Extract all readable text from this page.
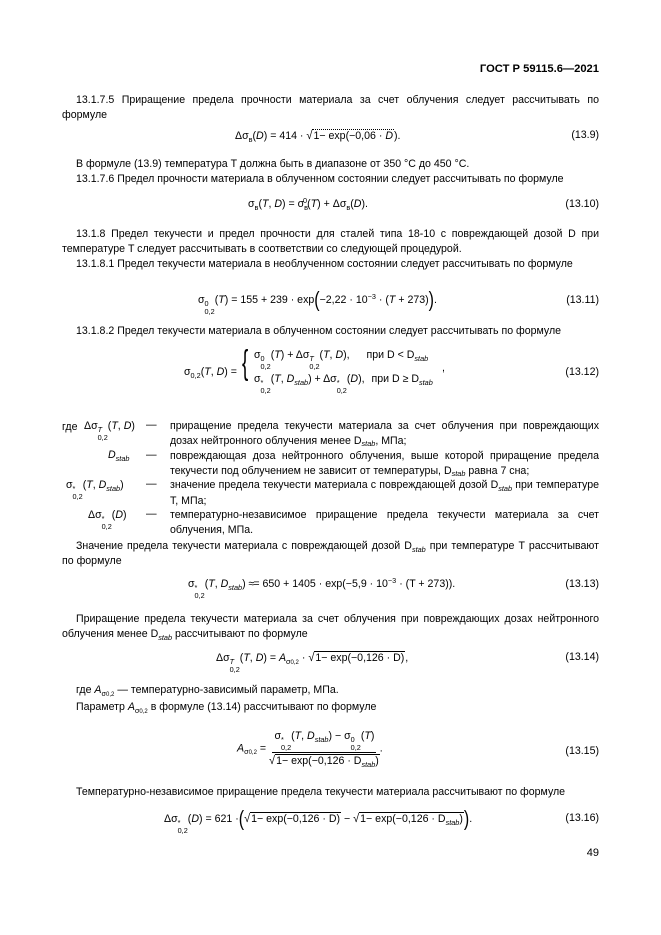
ГОСТ Р 59115.6—2021
13.1.7.5 Приращение предела прочности материала за счет облучения следует рассчитывать по формуле
$\Delta\sigma_в(D) = 414 \cdot √1- \exp(-0,06 \cdot D)$.	(13.9)
В формуле (13.9) температура T должна быть в диапазоне от 350 °C до 450 °C.
13.1.7.6 Предел прочности материала в облученном состоянии следует рассчитывать по формуле
$\sigma_в(T$, $D) = \sigma_в^0(T) + \Delta\sigma_в(D)$.	(13.10)
13.1.8 Предел текучести и предел прочности для сталей типа 18-10 с повреждающей дозой D при температуре T следует рассчитывать в соответствии со следующей процедурой.
13.1.8.1 Предел текучести материала в необлученном состоянии следует рассчитывать по формуле
σ 0
0,2
$(T) = 155 + 239 \cdot \exp(-2,22 \cdot 10^{-3} \cdot (T + 273))$.	(13.11)
13.1.8.2 Предел текучести материала в облученном состоянии следует рассчитывать по формуле
$\sigma_{0,2}(T$, D) = { σ 0
0,2
(T) + Δσ T
0,2
(T, D), при $D < D_{stab}$
σ *
0,2
(T, $D_{stab}) + \Delta\sigma$ *
0,2
(D), при $D \ge D_{stab}$
,	(13.12)
где Δσ T
0,2
(T, D) — приращение предела текучести материала за счет облучения при повреждающих дозах нейтронного облучения менее $D_{stab}$, МПа;
$D_{stab}$ — повреждающая доза нейтронного облучения, выше которой приращение предела текучести под облучением не зависит от температуры, $D_{stab}$ равна 7 сна;
σ *
0,2
(T, $D_{stab}$) — значение предела текучести материала с повреждающей дозой $D_{stab}$ при температуре T, МПа;
Δσ *
0,2
(D) — температурно-независимое приращение предела текучести материала за счет облучения, МПа.
Значение предела текучести материала с повреждающей дозой $D_{stab}$ при температуре T рассчитывают по формуле
σ *
0,2
(T, $D_{stab}$) ≈ = $650 + 1405 \cdot \exp(-5,9 \cdot 10^{-3} \cdot (T + 273))$.	(13.13)
Приращение предела текучести материала за счет облучения при повреждающих дозах нейтронного облучения менее $D_{stab}$ рассчитывают по формуле
Δσ T
0,2
(T, $D) = A_{\sigma 0,2} \cdot √1- \exp(-0,126 \cdot D)$,	(13.14)
где $A_{\sigma 0,2}$ — температурно-зависимый параметр, МПа.
Параметр $A_{\sigma 0,2}$ в формуле (13.14) рассчитывают по формуле
$A_{\sigma 0,2} = \sigma$ *
0,2
(T, $D_{stab}) - \sigma$ 0
0,2
(T)
$√1- \exp(-0,126 \cdot D_{stab})$ .	(13.15)
Температурно-независимое приращение предела текучести материала рассчитывают по формуле
Δσ *
0,2
$(D) = 621 \cdot(√1- \exp(-0,126 \cdot D) - √1- \exp(-0,126 \cdot D_{stab}))$.	(13.16)
49
